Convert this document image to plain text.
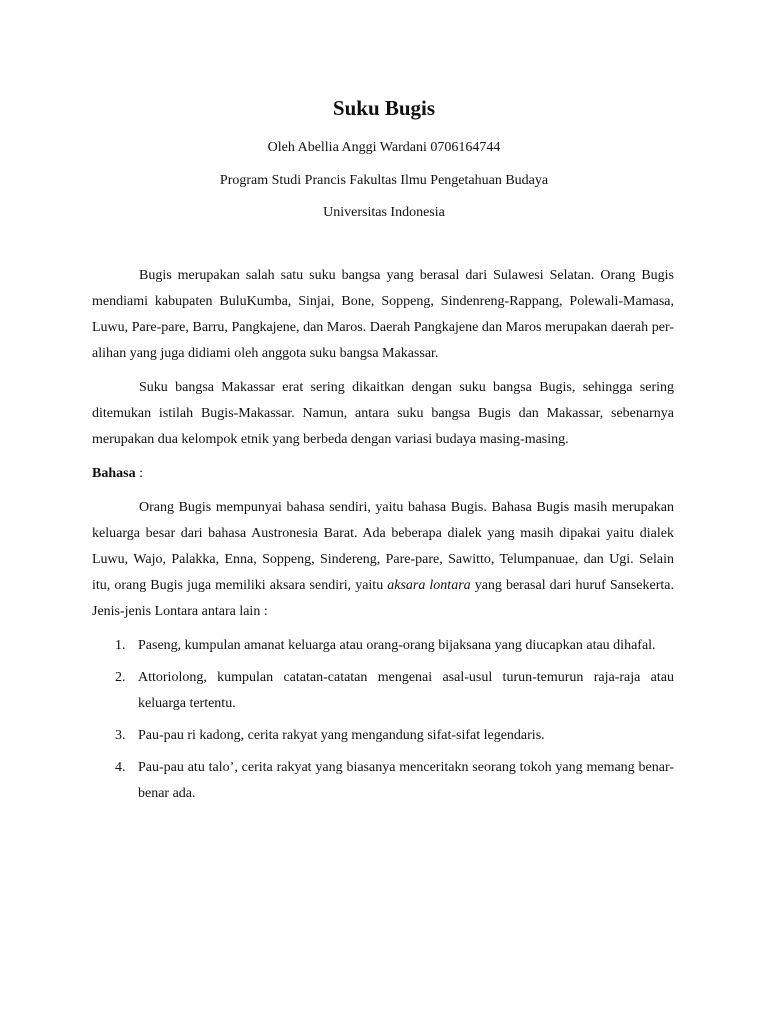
Suku Bugis

Oleh Abellia Anggi Wardani 0706164744

Program Studi Prancis Fakultas Ilmu Pengetahuan Budaya

Universitas Indonesia

Bugis merupakan salah satu suku bangsa yang berasal dari Sulawesi Selatan. Orang Bugis mendiami kabupaten BuluKumba, Sinjai, Bone, Soppeng, Sindenreng-Rappang, Polewali-Mamasa, Luwu, Pare-pare, Barru, Pangkajene, dan Maros. Daerah Pangkajene dan Maros merupakan daerah per-alihan yang juga didiami oleh anggota suku bangsa Makassar.

Suku bangsa Makassar erat sering dikaitkan dengan suku bangsa Bugis, sehingga sering ditemukan istilah Bugis-Makassar. Namun, antara suku bangsa Bugis dan Makassar, sebenarnya merupakan dua kelompok etnik yang berbeda dengan variasi budaya masing-masing.

Bahasa :

Orang Bugis mempunyai bahasa sendiri, yaitu bahasa Bugis. Bahasa Bugis masih merupakan keluarga besar dari bahasa Austronesia Barat. Ada beberapa dialek yang masih dipakai yaitu dialek Luwu, Wajo, Palakka, Enna, Soppeng, Sindereng, Pare-pare, Sawitto, Telumpanuae, dan Ugi. Selain itu, orang Bugis juga memiliki aksara sendiri, yaitu aksara lontara yang berasal dari huruf Sansekerta. Jenis-jenis Lontara antara lain :

1. Paseng, kumpulan amanat keluarga atau orang-orang bijaksana yang diucapkan atau dihafal.
2. Attoriolong, kumpulan catatan-catatan mengenai asal-usul turun-temurun raja-raja atau keluarga tertentu.
3. Pau-pau ri kadong, cerita rakyat yang mengandung sifat-sifat legendaris.
4. Pau-pau atu talo’, cerita rakyat yang biasanya menceritakn seorang tokoh yang memang benar-benar ada.
